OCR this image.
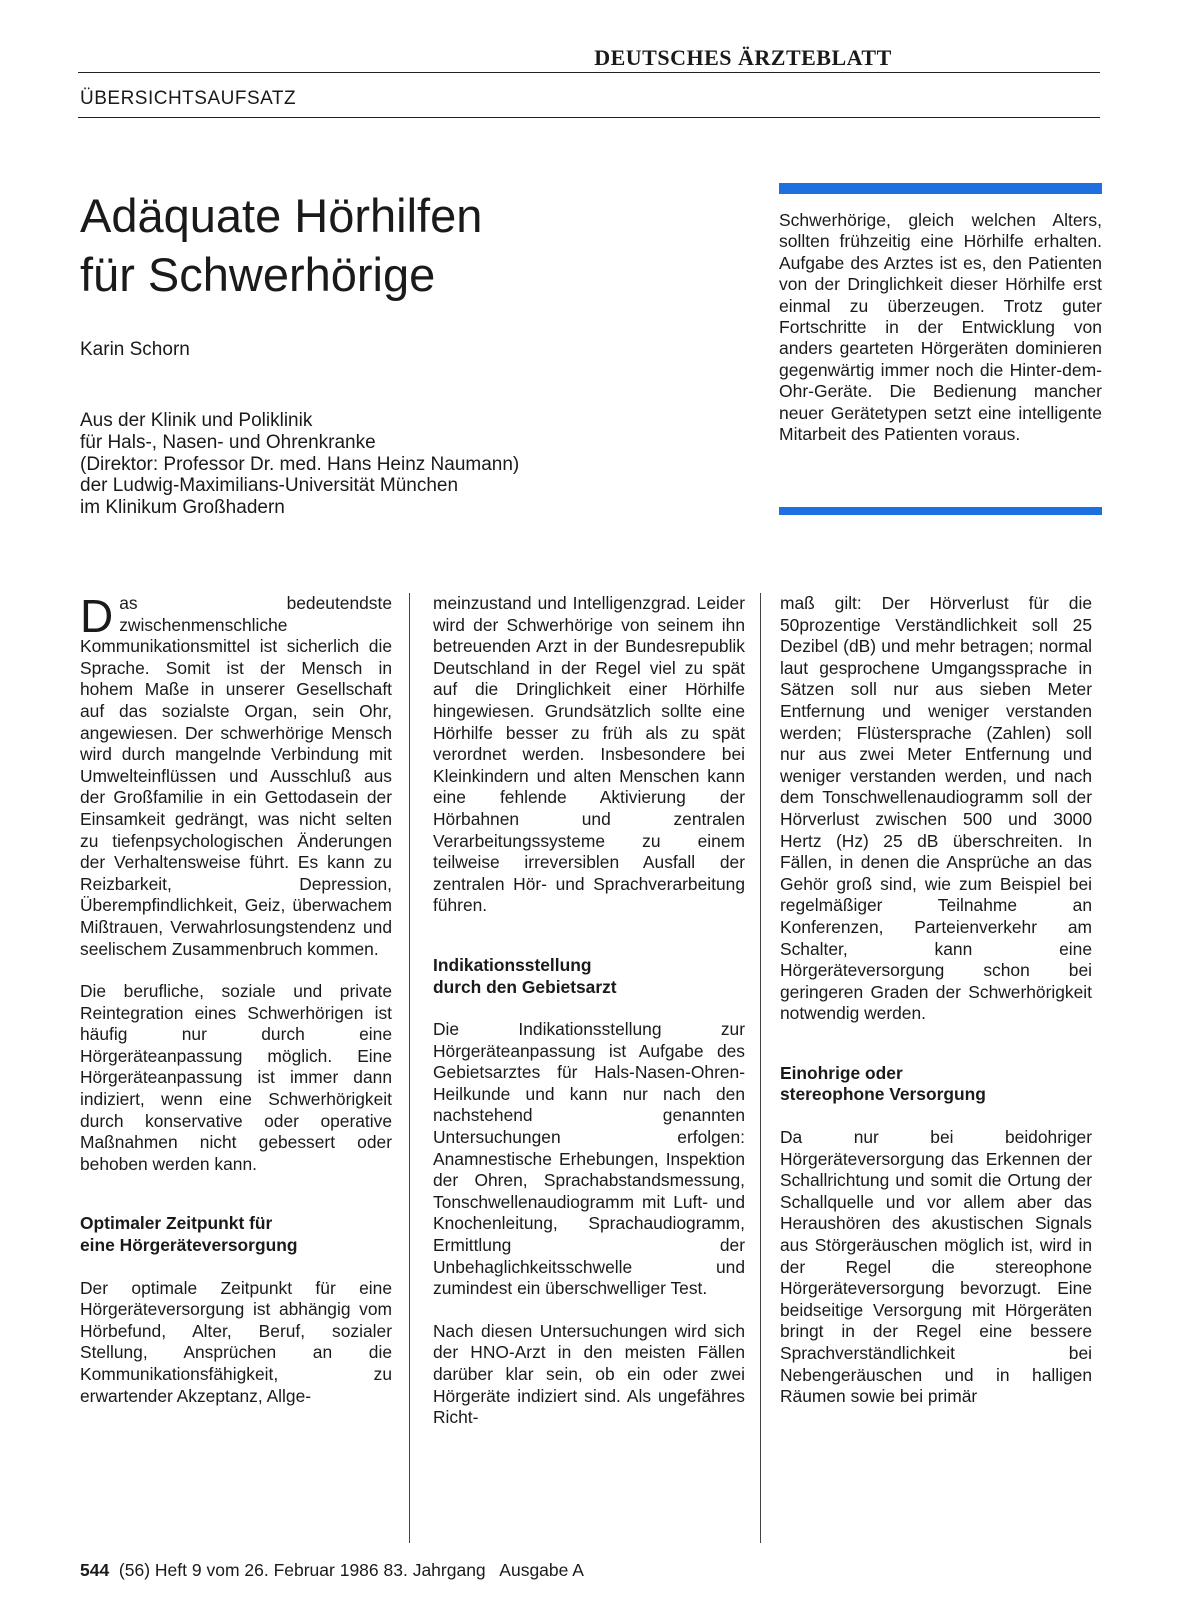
DEUTSCHES ÄRZTEBLATT
ÜBERSICHTSAUFSATZ
Adäquate Hörhilfen
für Schwerhörige
Karin Schorn
Aus der Klinik und Poliklinik
für Hals-, Nasen- und Ohrenkranke
(Direktor: Professor Dr. med. Hans Heinz Naumann)
der Ludwig-Maximilians-Universität München
im Klinikum Großhadern
Schwerhörige, gleich welchen Alters, sollten frühzeitig eine Hörhilfe erhalten. Aufgabe des Arztes ist es, den Patienten von der Dringlichkeit dieser Hörhilfe erst einmal zu überzeugen. Trotz guter Fortschritte in der Entwicklung von anders gearteten Hörgeräten dominieren gegenwärtig immer noch die Hinter-dem-Ohr-Geräte. Die Bedienung mancher neuer Gerätetypen setzt eine intelligente Mitarbeit des Patienten voraus.

Das bedeutendste zwischenmenschliche Kommunikationsmittel ist sicherlich die Sprache. Somit ist der Mensch in hohem Maße in unserer Gesellschaft auf das sozialste Organ, sein Ohr, angewiesen. Der schwerhörige Mensch wird durch mangelnde Verbindung mit Umwelteinflüssen und Ausschluß aus der Großfamilie in ein Gettodasein der Einsamkeit gedrängt, was nicht selten zu tiefenpsychologischen Änderungen der Verhaltensweise führt. Es kann zu Reizbarkeit, Depression, Überempfindlichkeit, Geiz, überwachem Mißtrauen, Verwahrlosungstendenz und seelischem Zusammenbruch kommen.

Die berufliche, soziale und private Reintegration eines Schwerhörigen ist häufig nur durch eine Hörgeräteanpassung möglich. Eine Hörgeräteanpassung ist immer dann indiziert, wenn eine Schwerhörigkeit durch konservative oder operative Maßnahmen nicht gebessert oder behoben werden kann.

Optimaler Zeitpunkt für
eine Hörgeräteversorgung

Der optimale Zeitpunkt für eine Hörgeräteversorgung ist abhängig vom Hörbefund, Alter, Beruf, sozialer Stellung, Ansprüchen an die Kommunikationsfähigkeit, zu erwartender Akzeptanz, Allge-

meinzustand und Intelligenzgrad. Leider wird der Schwerhörige von seinem ihn betreuenden Arzt in der Bundesrepublik Deutschland in der Regel viel zu spät auf die Dringlichkeit einer Hörhilfe hingewiesen. Grundsätzlich sollte eine Hörhilfe besser zu früh als zu spät verordnet werden. Insbesondere bei Kleinkindern und alten Menschen kann eine fehlende Aktivierung der Hörbahnen und zentralen Verarbeitungssysteme zu einem teilweise irreversiblen Ausfall der zentralen Hör- und Sprachverarbeitung führen.

Indikationsstellung
durch den Gebietsarzt

Die Indikationsstellung zur Hörgeräteanpassung ist Aufgabe des Gebietsarztes für Hals-Nasen-Ohren-Heilkunde und kann nur nach den nachstehend genannten Untersuchungen erfolgen: Anamnestische Erhebungen, Inspektion der Ohren, Sprachabstandsmessung, Tonschwellenaudiogramm mit Luft- und Knochenleitung, Sprachaudiogramm, Ermittlung der Unbehaglichkeitsschwelle und zumindest ein überschwelliger Test.

Nach diesen Untersuchungen wird sich der HNO-Arzt in den meisten Fällen darüber klar sein, ob ein oder zwei Hörgeräte indiziert sind. Als ungefähres Richt-

maß gilt: Der Hörverlust für die 50prozentige Verständlichkeit soll 25 Dezibel (dB) und mehr betragen; normal laut gesprochene Umgangssprache in Sätzen soll nur aus sieben Meter Entfernung und weniger verstanden werden; Flüstersprache (Zahlen) soll nur aus zwei Meter Entfernung und weniger verstanden werden, und nach dem Tonschwellenaudiogramm soll der Hörverlust zwischen 500 und 3000 Hertz (Hz) 25 dB überschreiten. In Fällen, in denen die Ansprüche an das Gehör groß sind, wie zum Beispiel bei regelmäßiger Teilnahme an Konferenzen, Parteienverkehr am Schalter, kann eine Hörgeräteversorgung schon bei geringeren Graden der Schwerhörigkeit notwendig werden.

Einohrige oder
stereophone Versorgung

Da nur bei beidohriger Hörgeräteversorgung das Erkennen der Schallrichtung und somit die Ortung der Schallquelle und vor allem aber das Heraushören des akustischen Signals aus Störgeräuschen möglich ist, wird in der Regel die stereophone Hörgeräteversorgung bevorzugt. Eine beidseitige Versorgung mit Hörgeräten bringt in der Regel eine bessere Sprachverständlichkeit bei Nebengeräuschen und in halligen Räumen sowie bei primär

544  (56) Heft 9 vom 26. Februar 1986 83. Jahrgang   Ausgabe A
